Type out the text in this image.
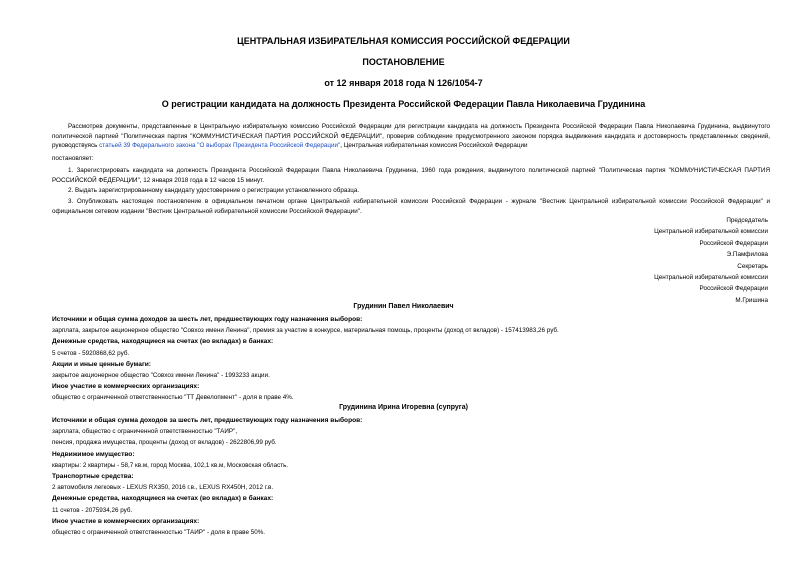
ЦЕНТРАЛЬНАЯ ИЗБИРАТЕЛЬНАЯ КОМИССИЯ РОССИЙСКОЙ ФЕДЕРАЦИИ
ПОСТАНОВЛЕНИЕ
от 12 января 2018 года N 126/1054-7
О регистрации кандидата на должность Президента Российской Федерации Павла Николаевича Грудинина

Рассмотрев документы, представленные в Центральную избирательную комиссию Российской Федерации для регистрации кандидата на должность Президента Российской Федерации Павла Николаевича Грудинина, выдвинутого политической партией "Политическая партия "КОММУНИСТИЧЕСКАЯ ПАРТИЯ РОССИЙСКОЙ ФЕДЕРАЦИИ", проверив соблюдение предусмотренного законом порядка выдвижения кандидата и достоверность представленных сведений, руководствуясь статьей 39 Федерального закона "О выборах Президента Российской Федерации", Центральная избирательная комиссия Российской Федерации

постановляет:

1. Зарегистрировать кандидата на должность Президента Российской Федерации Павла Николаевича Грудинина, 1960 года рождения, выдвинутого политической партией "Политическая партия "КОММУНИСТИЧЕСКАЯ ПАРТИЯ РОССИЙСКОЙ ФЕДЕРАЦИИ", 12 января 2018 года в 12 часов 15 минут.

2. Выдать зарегистрированному кандидату удостоверение о регистрации установленного образца.

3. Опубликовать настоящее постановление в официальном печатном органе Центральной избирательной комиссии Российской Федерации - журнале "Вестник Центральной избирательной комиссии Российской Федерации" и официальном сетевом издании "Вестник Центральной избирательной комиссии Российской Федерации".

Председатель
Центральной избирательной комиссии
Российской Федерации
Э.Памфилова
Секретарь
Центральной избирательной комиссии
Российской Федерации
М.Гришина
Грудинин Павел Николаевич
Источники и общая сумма доходов за шесть лет, предшествующих году назначения выборов:
зарплата, закрытое акционерное общество "Совхоз имени Ленина", премия за участие в конкурсе, материальная помощь, проценты (доход от вкладов) - 157413983,26 руб.
Денежные средства, находящиеся на счетах (во вкладах) в банках:
5 счетов - 5920868,62 руб.
Акции и иные ценные бумаги:
закрытое акционерное общество "Совхоз имени Ленина" - 1993233 акции.
Иное участие в коммерческих организациях:
общество с ограниченной ответственностью "ТТ Девелопмент" - доля в праве 4%.
Грудинина Ирина Игоревна (супруга)
Источники и общая сумма доходов за шесть лет, предшествующих году назначения выборов:
зарплата, общество с ограниченной ответственностью "ТАИР",
пенсия, продажа имущества, проценты (доход от вкладов) - 2622806,99 руб.
Недвижимое имущество:
квартиры: 2 квартиры - 58,7 кв.м, город Москва, 102,1 кв.м, Московская область.
Транспортные средства:
2 автомобиля легковых - LEXUS RX350, 2016 г.в., LEXUS RX450H, 2012 г.в.
Денежные средства, находящиеся на счетах (во вкладах) в банках:
11 счетов - 2075934,26 руб.
Иное участие в коммерческих организациях:
общество с ограниченной ответственностью "ТАИР" - доля в праве 50%.
